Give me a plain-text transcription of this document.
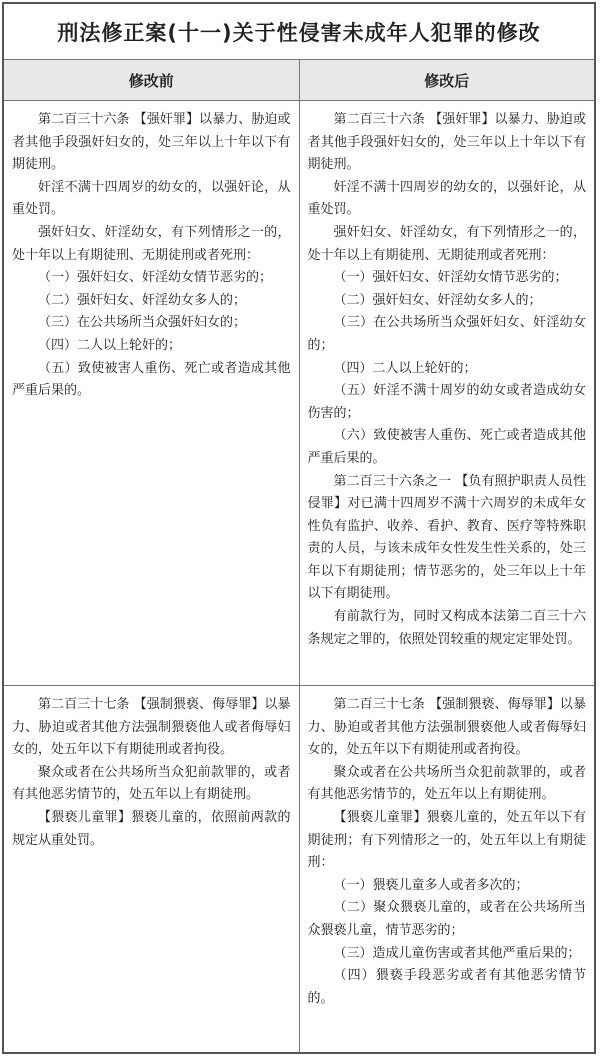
刑法修正案(十一)关于性侵害未成年人犯罪的修改
修改前	修改后

第二百三十六条 【强奸罪】以暴力、胁迫或者其他手段强奸妇女的，处三年以上十年以下有期徒刑。

奸淫不满十四周岁的幼女的，以强奸论，从重处罚。

强奸妇女、奸淫幼女，有下列情形之一的，处十年以上有期徒刑、无期徒刑或者死刑：

（一）强奸妇女、奸淫幼女情节恶劣的；

（二）强奸妇女、奸淫幼女多人的；

（三）在公共场所当众强奸妇女的；

（四）二人以上轮奸的；

（五）致使被害人重伤、死亡或者造成其他严重后果的。

第二百三十六条 【强奸罪】以暴力、胁迫或者其他手段强奸妇女的，处三年以上十年以下有期徒刑。

奸淫不满十四周岁的幼女的，以强奸论，从重处罚。

强奸妇女、奸淫幼女，有下列情形之一的，处十年以上有期徒刑、无期徒刑或者死刑：

（一）强奸妇女、奸淫幼女情节恶劣的；

（二）强奸妇女、奸淫幼女多人的；

（三）在公共场所当众强奸妇女、奸淫幼女的；

（四）二人以上轮奸的；

（五）奸淫不满十周岁的幼女或者造成幼女伤害的；

（六）致使被害人重伤、死亡或者造成其他严重后果的。

第二百三十六条之一 【负有照护职责人员性侵罪】对已满十四周岁不满十六周岁的未成年女性负有监护、收养、看护、教育、医疗等特殊职责的人员，与该未成年女性发生性关系的，处三年以下有期徒刑；情节恶劣的，处三年以上十年以下有期徒刑。

有前款行为，同时又构成本法第二百三十六条规定之罪的，依照处罚较重的规定定罪处罚。

第二百三十七条 【强制猥亵、侮辱罪】以暴力、胁迫或者其他方法强制猥亵他人或者侮辱妇女的，处五年以下有期徒刑或者拘役。

聚众或者在公共场所当众犯前款罪的，或者有其他恶劣情节的，处五年以上有期徒刑。

【猥亵儿童罪】猥亵儿童的，依照前两款的规定从重处罚。

第二百三十七条 【强制猥亵、侮辱罪】以暴力、胁迫或者其他方法强制猥亵他人或者侮辱妇女的，处五年以下有期徒刑或者拘役。

聚众或者在公共场所当众犯前款罪的，或者有其他恶劣情节的，处五年以上有期徒刑。

【猥亵儿童罪】猥亵儿童的，处五年以下有期徒刑；有下列情形之一的，处五年以上有期徒刑：

（一）猥亵儿童多人或者多次的；

（二）聚众猥亵儿童的，或者在公共场所当众猥亵儿童，情节恶劣的；

（三）造成儿童伤害或者其他严重后果的；

（四）猥亵手段恶劣或者有其他恶劣情节的。
